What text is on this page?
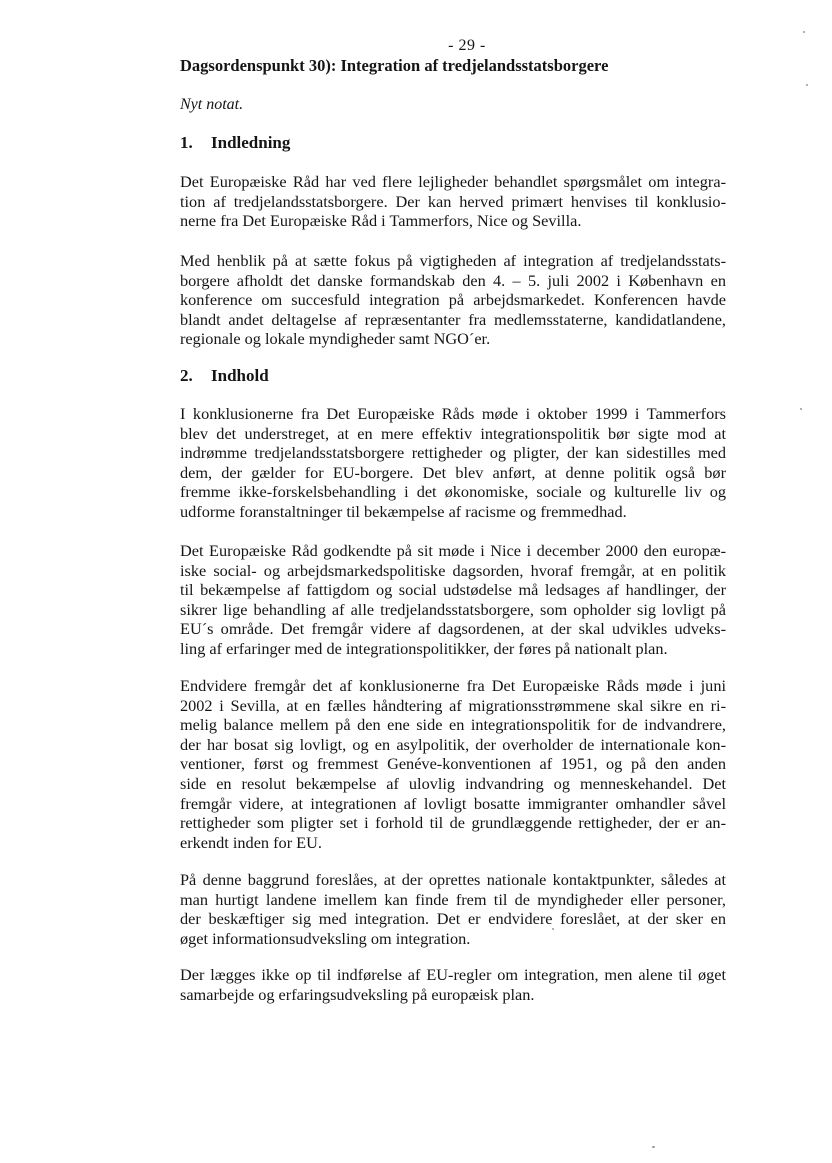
- 29 -
Dagsordenspunkt 30): Integration af tredjelandsstatsborgere
Nyt notat.
1. Indledning

Det Europæiske Råd har ved flere lejligheder behandlet spørgsmålet om integra-
tion af tredjelandsstatsborgere. Der kan herved primært henvises til konklusio-
nerne fra Det Europæiske Råd i Tammerfors, Nice og Sevilla.

Med henblik på at sætte fokus på vigtigheden af integration af tredjelandsstats-
borgere afholdt det danske formandskab den 4. – 5. juli 2002 i København en
konference om succesfuld integration på arbejdsmarkedet. Konferencen havde
blandt andet deltagelse af repræsentanter fra medlemsstaterne, kandidatlandene,
regionale og lokale myndigheder samt NGO´er.

2. Indhold

I konklusionerne fra Det Europæiske Råds møde i oktober 1999 i Tammerfors
blev det understreget, at en mere effektiv integrationspolitik bør sigte mod at
indrømme tredjelandsstatsborgere rettigheder og pligter, der kan sidestilles med
dem, der gælder for EU-borgere. Det blev anført, at denne politik også bør
fremme ikke-forskelsbehandling i det økonomiske, sociale og kulturelle liv og
udforme foranstaltninger til bekæmpelse af racisme og fremmedhad.

Det Europæiske Råd godkendte på sit møde i Nice i december 2000 den europæ-
iske social- og arbejdsmarkedspolitiske dagsorden, hvoraf fremgår, at en politik
til bekæmpelse af fattigdom og social udstødelse må ledsages af handlinger, der
sikrer lige behandling af alle tredjelandsstatsborgere, som opholder sig lovligt på
EU´s område. Det fremgår videre af dagsordenen, at der skal udvikles udveks-
ling af erfaringer med de integrationspolitikker, der føres på nationalt plan.

Endvidere fremgår det af konklusionerne fra Det Europæiske Råds møde i juni
2002 i Sevilla, at en fælles håndtering af migrationsstrømmene skal sikre en ri-
melig balance mellem på den ene side en integrationspolitik for de indvandrere,
der har bosat sig lovligt, og en asylpolitik, der overholder de internationale kon-
ventioner, først og fremmest Genéve-konventionen af 1951, og på den anden
side en resolut bekæmpelse af ulovlig indvandring og menneskehandel. Det
fremgår videre, at integrationen af lovligt bosatte immigranter omhandler såvel
rettigheder som pligter set i forhold til de grundlæggende rettigheder, der er an-
erkendt inden for EU.

På denne baggrund foreslåes, at der oprettes nationale kontaktpunkter, således at
man hurtigt landene imellem kan finde frem til de myndigheder eller personer,
der beskæftiger sig med integration. Det er endvidere foreslået, at der sker en
øget informationsudveksling om integration.

Der lægges ikke op til indførelse af EU-regler om integration, men alene til øget
samarbejde og erfaringsudveksling på europæisk plan.
